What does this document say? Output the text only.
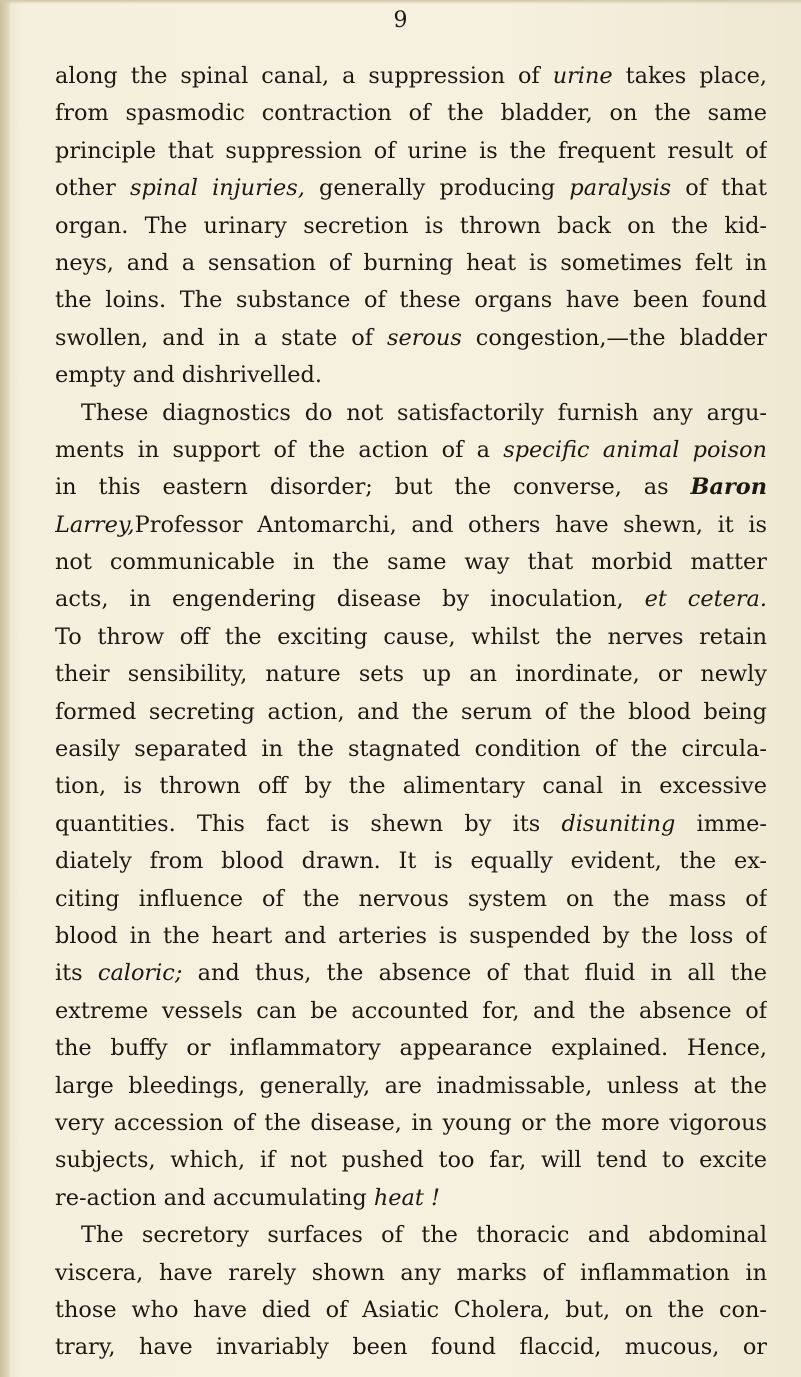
9
along the spinal canal, a suppression of urine takes place,
from spasmodic contraction of the bladder, on the same
principle that suppression of urine is the frequent result of
other spinal injuries, generally producing paralysis of that
organ. The urinary secretion is thrown back on the kid-
neys, and a sensation of burning heat is sometimes felt in
the loins. The substance of these organs have been found
swollen, and in a state of serous congestion,—the bladder
empty and dishrivelled.
These diagnostics do not satisfactorily furnish any argu-
ments in support of the action of a specific animal poison
in this eastern disorder; but the converse, as Baron
Larrey,Professor Antomarchi, and others have shewn, it is
not communicable in the same way that morbid matter
acts, in engendering disease by inoculation, et cetera.
To throw off the exciting cause, whilst the nerves retain
their sensibility, nature sets up an inordinate, or newly
formed secreting action, and the serum of the blood being
easily separated in the stagnated condition of the circula-
tion, is thrown off by the alimentary canal in excessive
quantities. This fact is shewn by its disuniting imme-
diately from blood drawn. It is equally evident, the ex-
citing influence of the nervous system on the mass of
blood in the heart and arteries is suspended by the loss of
its caloric; and thus, the absence of that fluid in all the
extreme vessels can be accounted for, and the absence of
the buffy or inflammatory appearance explained. Hence,
large bleedings, generally, are inadmissable, unless at the
very accession of the disease, in young or the more vigorous
subjects, which, if not pushed too far, will tend to excite
re-action and accumulating heat !
The secretory surfaces of the thoracic and abdominal
viscera, have rarely shown any marks of inflammation in
those who have died of Asiatic Cholera, but, on the con-
trary, have invariably been found flaccid, mucous, or
